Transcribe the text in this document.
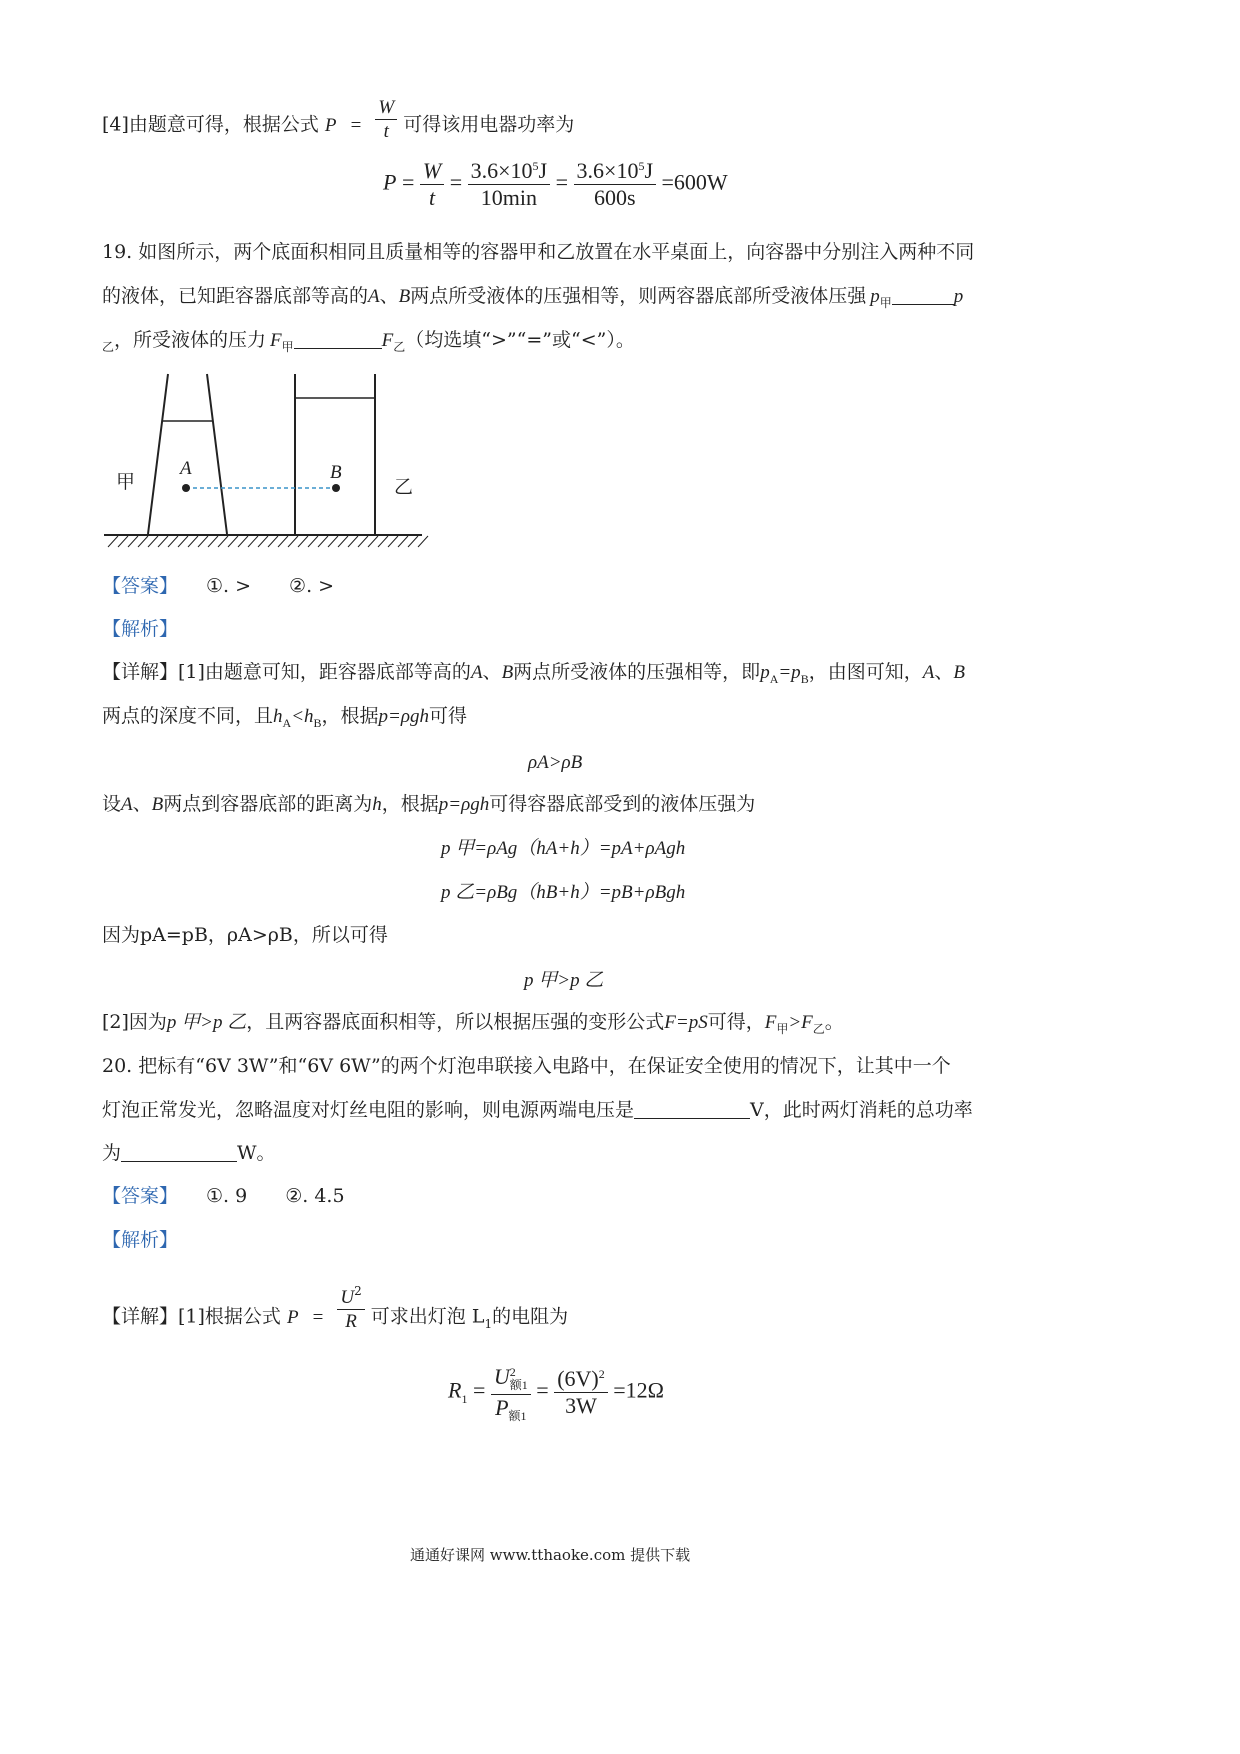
[4]由题意可得，根据公式 $P = \frac{W}{t}$ 可得该用电器功率为
$P = \frac{W}{t} = \frac{3.6\times 10^5J}{10\min} = \frac{3.6\times 10^5J}{600s} =600W$
19. 如图所示，两个底面积相同且质量相等的容器甲和乙放置在水平桌面上，向容器中分别注入两种不同
的液体，已知距容器底部等高的A、B两点所受液体的压强相等，则两容器底部所受液体压强 $p_甲$	p
$_乙$，所受液体的压力 $F_甲$	$F_乙$（均选填“>”“=”或“<”）。
A	B
甲	乙
【答案】 ①. >　　②. >
【解析】
【详解】[1]由题意可知，距容器底部等高的A、B两点所受液体的压强相等，即$p_A=p_B$，由图可知，A、B
两点的深度不同，且$h_A<h_B$，根据p=ρgh可得
ρA>ρB
设A、B两点到容器底部的距离为h，根据p=ρgh可得容器底部受到的液体压强为
p 甲=ρAg（hA+h）=pA+ρAgh
p 乙=ρBg（hB+h）=pB+ρBgh
因为pA=pB，ρA>ρB，所以可得
p 甲>p 乙
[2]因为p 甲>p 乙，且两容器底面积相等，所以根据压强的变形公式F=pS可得，$F_甲>F_乙$。
20. 把标有“6V 3W”和“6V 6W”的两个灯泡串联接入电路中，在保证安全使用的情况下，让其中一个
灯泡正常发光，忽略温度对灯丝电阻的影响，则电源两端电压是	V，此时两灯消耗的总功率
为	W。
【答案】 ①. 9　　②. 4.5
【解析】
【详解】[1]根据公式 $P = \frac{U^2}{R}$ 可求出灯泡 $L_1$的电阻为
$R_1 = U$ 2
额1
$P_{额1} = \frac{(6V)^2}{3W} =12\Omega$
通通好课网 www.tthaoke.com 提供下载
